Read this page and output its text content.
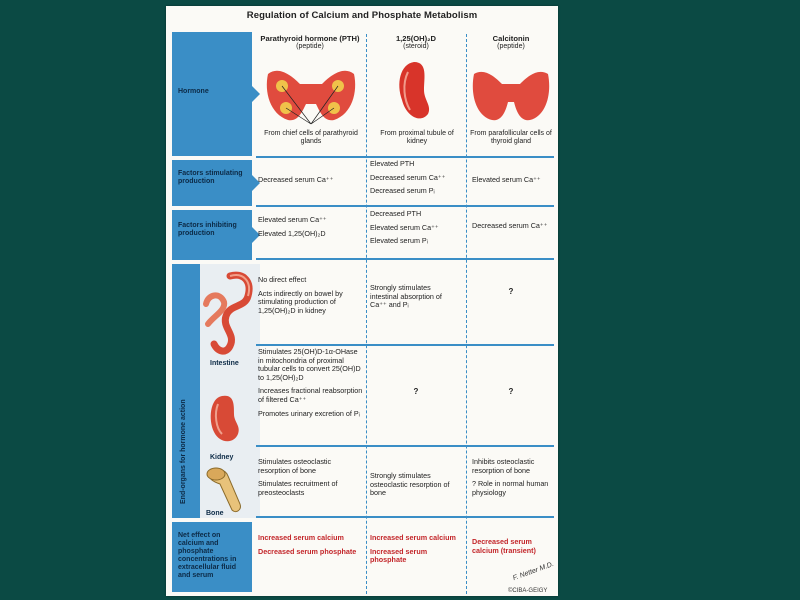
Regulation of Calcium and Phosphate Metabolism
Hormone
Factors stimulating production
Factors inhibiting production
End-organs for hormone action
Intestine
Kidney
Bone
Net effect on calcium and phosphate concentrations in extracellular fluid and serum
Parathyroid hormone (PTH)
(peptide)
1,25(OH)₂D
(steroid)
Calcitonin
(peptide)
From chief cells of parathyroid glands
From proximal tubule of kidney
From parafollicular cells of thyroid gland
Decreased serum Ca⁺⁺

Elevated PTH

Decreased serum Ca⁺⁺

Decreased serum Pᵢ

Elevated serum Ca⁺⁺

Elevated serum Ca⁺⁺

Elevated 1,25(OH)₂D

Decreased PTH

Elevated serum Ca⁺⁺

Elevated serum Pᵢ

Decreased serum Ca⁺⁺

No direct effect

Acts indirectly on bowel by stimulating production of 1,25(OH)₂D in kidney

Strongly stimulates intestinal absorption of Ca⁺⁺ and Pᵢ
?

Stimulates 25(OH)D-1α-OHase in mitochondria of proximal tubular cells to convert 25(OH)D to 1,25(OH)₂D

Increases fractional reabsorption of filtered Ca⁺⁺

Promotes urinary excretion of Pᵢ

?	?

Stimulates osteoclastic resorption of bone

Stimulates recruitment of preosteoclasts

Strongly stimulates osteoclastic resorption of bone

Inhibits osteoclastic resorption of bone

? Role in normal human physiology

Increased serum calcium

Decreased serum phosphate

Increased serum calcium

Increased serum phosphate

Decreased serum calcium (transient)

F. Netter M.D.
©CIBA-GEIGY
